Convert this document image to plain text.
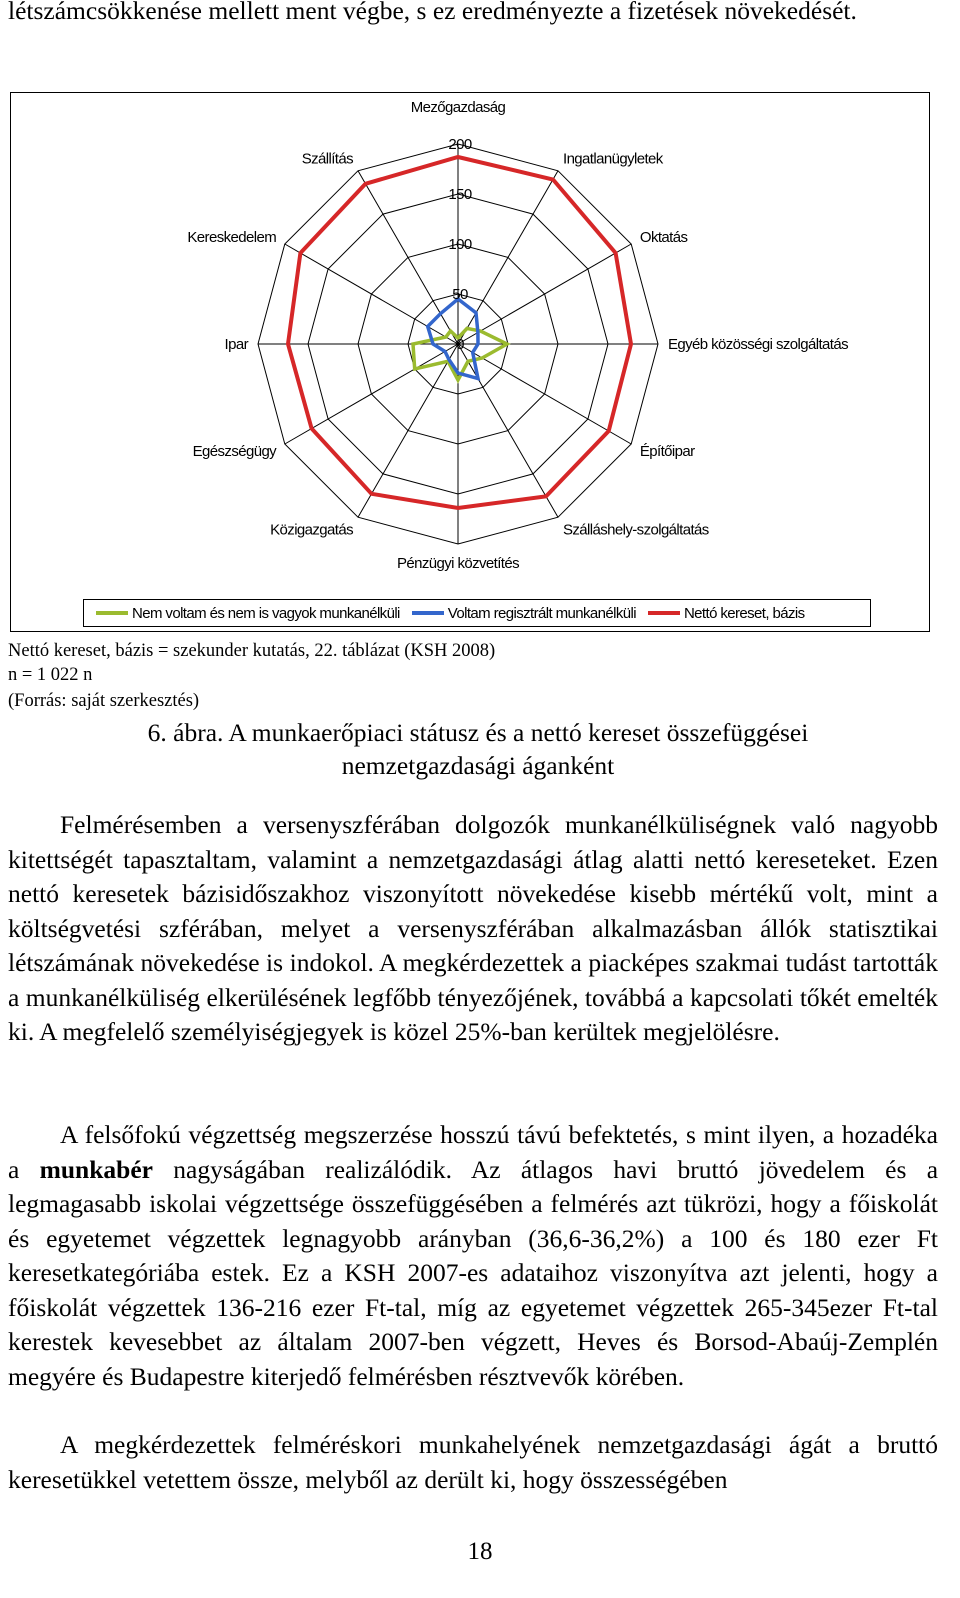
létszámcsökkenése mellett ment végbe, s ez eredményezte a fizetések növekedését.

0
50
100
150
200
Mezőgazdaság
Ingatlanügyletek
Oktatás
Egyéb közösségi szolgáltatás
Építőipar
Szálláshely-szolgáltatás
Pénzügyi közvetítés
Közigazgatás
Egészségügy
Ipar
Kereskedelem
Szállítás
Nem voltam és nem is vagyok munkanélküli	Voltam regisztrált munkanélküli	Nettó kereset, bázis

Nettó kereset, bázis = szekunder kutatás, 22. táblázat (KSH 2008)

n = 1 022 n

(Forrás: saját szerkesztés)

6. ábra. A munkaerőpiaci státusz és a nettó kereset összefüggései
nemzetgazdasági áganként

Felmérésemben a versenyszférában dolgozók munkanélküliségnek való nagyobb kitettségét tapasztaltam, valamint a nemzetgazdasági átlag alatti nettó kereseteket. Ezen nettó keresetek bázisidőszakhoz viszonyított növekedése kisebb mértékű volt, mint a költségvetési szférában, melyet a versenyszférában alkalmazásban állók statisztikai létszámának növekedése is indokol. A megkérdezettek a piacképes szakmai tudást tartották a munkanélküliség elkerülésének legfőbb tényezőjének, továbbá a kapcsolati tőkét emelték ki. A megfelelő személyiségjegyek is közel 25%-ban kerültek megjelölésre.

A felsőfokú végzettség megszerzése hosszú távú befektetés, s mint ilyen, a hozadéka a munkabér nagyságában realizálódik. Az átlagos havi bruttó jövedelem és a legmagasabb iskolai végzettsége összefüggésében a felmérés azt tükrözi, hogy a főiskolát és egyetemet végzettek legnagyobb arányban (36,6-36,2%) a 100 és 180 ezer Ft keresetkategóriába estek. Ez a KSH 2007-es adataihoz viszonyítva azt jelenti, hogy a főiskolát végzettek 136-216 ezer Ft-tal, míg az egyetemet végzettek 265-345ezer Ft-tal kerestek kevesebbet az általam 2007-ben végzett, Heves és Borsod-Abaúj-Zemplén megyére és Budapestre kiterjedő felmérésben résztvevők körében.

A megkérdezettek felméréskori munkahelyének nemzetgazdasági ágát a bruttó keresetükkel vetettem össze, melyből az derült ki, hogy összességében

18
